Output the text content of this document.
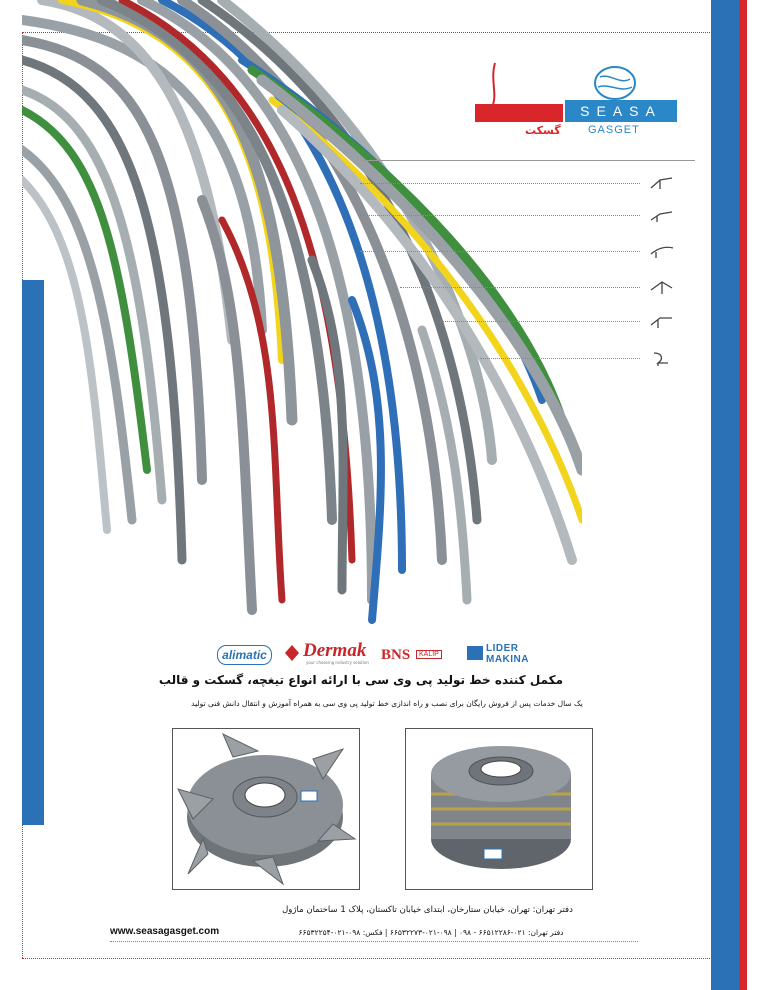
SEASA
GASGET
گسکت
alimatic Dermak
your choosing industry solution BNS	KALIP
LIDER
MAKINA
مکمل کننده خط تولید پی وی سی با ارائه انواع تیغچه، گسکت و قالب
یک سال خدمات پس از فروش رایگان برای نصب و راه اندازی خط تولید پی وی سی به همراه آموزش و انتقال دانش فنی تولید
دفتر تهران: تهران، خیابان ستارخان، ابتدای خیابان تاکستان، پلاک 1 ساختمان ماژول
www.seasagasget.com	دفتر تهران: ۰۲۱-۶۶۵۱۲۲۸۶ - ۰۹۸ | ۰۹۸-۰۲۱-۶۶۵۳۲۲۷۳ | فکس: ۰۹۸-۰۲۱-۶۶۵۳۲۲۵۴
